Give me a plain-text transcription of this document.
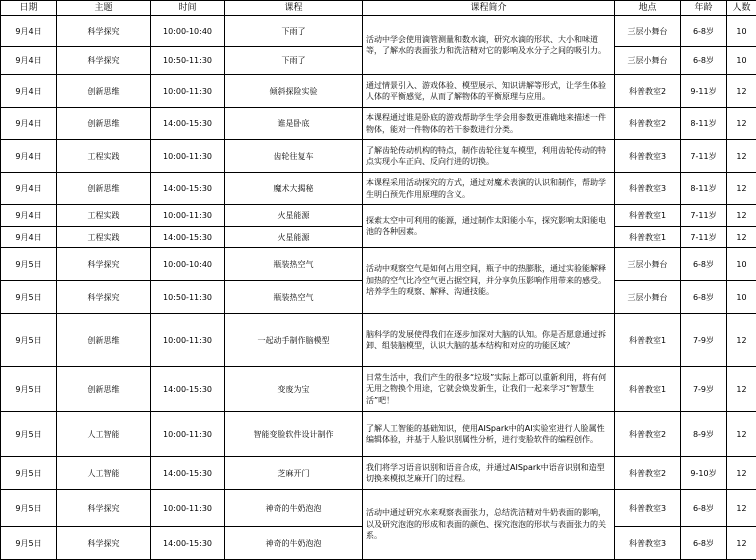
日期	主题	时间	课程	课程简介	地点	年龄	人数
9月4日	科学探究	10:00-10:40	下雨了	活动中学会使用滴管测量和数水滴，研究水滴的形状、大小和味道等，了解水的表面张力和洗洁精对它的影响及水分子之间的吸引力。	三层小舞台	6-8岁	10
9月4日	科学探究	10:50-11:30	下雨了		三层小舞台	6-8岁	10
9月4日	创新思维	10:00-11:30	倾斜探险实验	通过情景引入、游戏体验、模型展示、知识讲解等形式，让学生体验人体的平衡感觉，从而了解物体的平衡原理与应用。	科普教室2	9-11岁	12
9月4日	创新思维	14:00-15:30	谁是卧底	本课程通过谁是卧底的游戏帮助学生学会用参数更准确地来描述一件物体，能对一件物体的若干参数进行分类。	科普教室2	8-11岁	12
9月4日	工程实践	10:00-11:30	齿轮往复车	了解齿轮传动机构的特点，制作齿轮往复车模型，利用齿轮传动的特点实现小车正向、反向行进的切换。	科普教室3	7-11岁	12
9月4日	创新思维	14:00-15:30	魔术大揭秘	本课程采用活动探究的方式，通过对魔术表演的认识和制作，帮助学生明白预先作用原理的含义。	科普教室3	8-11岁	12
9月4日	工程实践	10:00-11:30	火星能源	探索太空中可利用的能源，通过制作太阳能小车，探究影响太阳能电池的各种因素。	科普教室1	7-11岁	12
9月4日	工程实践	14:00-15:30	火星能源		科普教室1	7-11岁	12
9月5日	科学探究	10:00-10:40	瓶装热空气	活动中观察空气是如何占用空间，瓶子中的热膨胀，通过实验能解释加热的空气比冷空气更占据空间，并分享负压影响作用带来的感受。培养学生的观察、解释、沟通技能。	三层小舞台	6-8岁	10
9月5日	科学探究	10:50-11:30	瓶装热空气		三层小舞台	6-8岁	10
9月5日	创新思维	10:00-11:30	一起动手制作脑模型	脑科学的发展使得我们在逐步加深对大脑的认知。你是否愿意通过拆卸、组装脑模型，认识大脑的基本结构和对应的功能区域？	科普教室1	7-9岁	12
9月5日	创新思维	14:00-15:30	变废为宝	日常生活中，我们产生的很多“垃圾”实际上都可以重新利用，将有何无用之物换个用途，它就会焕发新生，让我们一起来学习“智慧生活”吧！	科普教室1	7-9岁	12
9月5日	人工智能	10:00-11:30	智能变脸软件设计制作	了解人工智能的基础知识，使用AISpark中的AI实验室进行人脸属性编辑体验，并基于人脸识别属性分析，进行变脸软件的编程创作。	科普教室2	8-9岁	12
9月5日	人工智能	14:00-15:30	芝麻开门	我们将学习语音识别和语音合成，并通过AISpark中语音识别和造型切换来模拟芝麻开门的过程。	科普教室2	9-10岁	12
9月5日	科学探究	10:00-11:30	神奇的牛奶泡泡	活动中通过研究水来观察表面张力，总结洗洁精对牛奶表面的影响，以及研究泡泡的形成和表面的颜色、探究泡泡的形状与表面张力的关系。	科普教室3	6-8岁	12
9月5日	科学探究	14:00-15:30	神奇的牛奶泡泡		科普教室3	6-8岁	12
